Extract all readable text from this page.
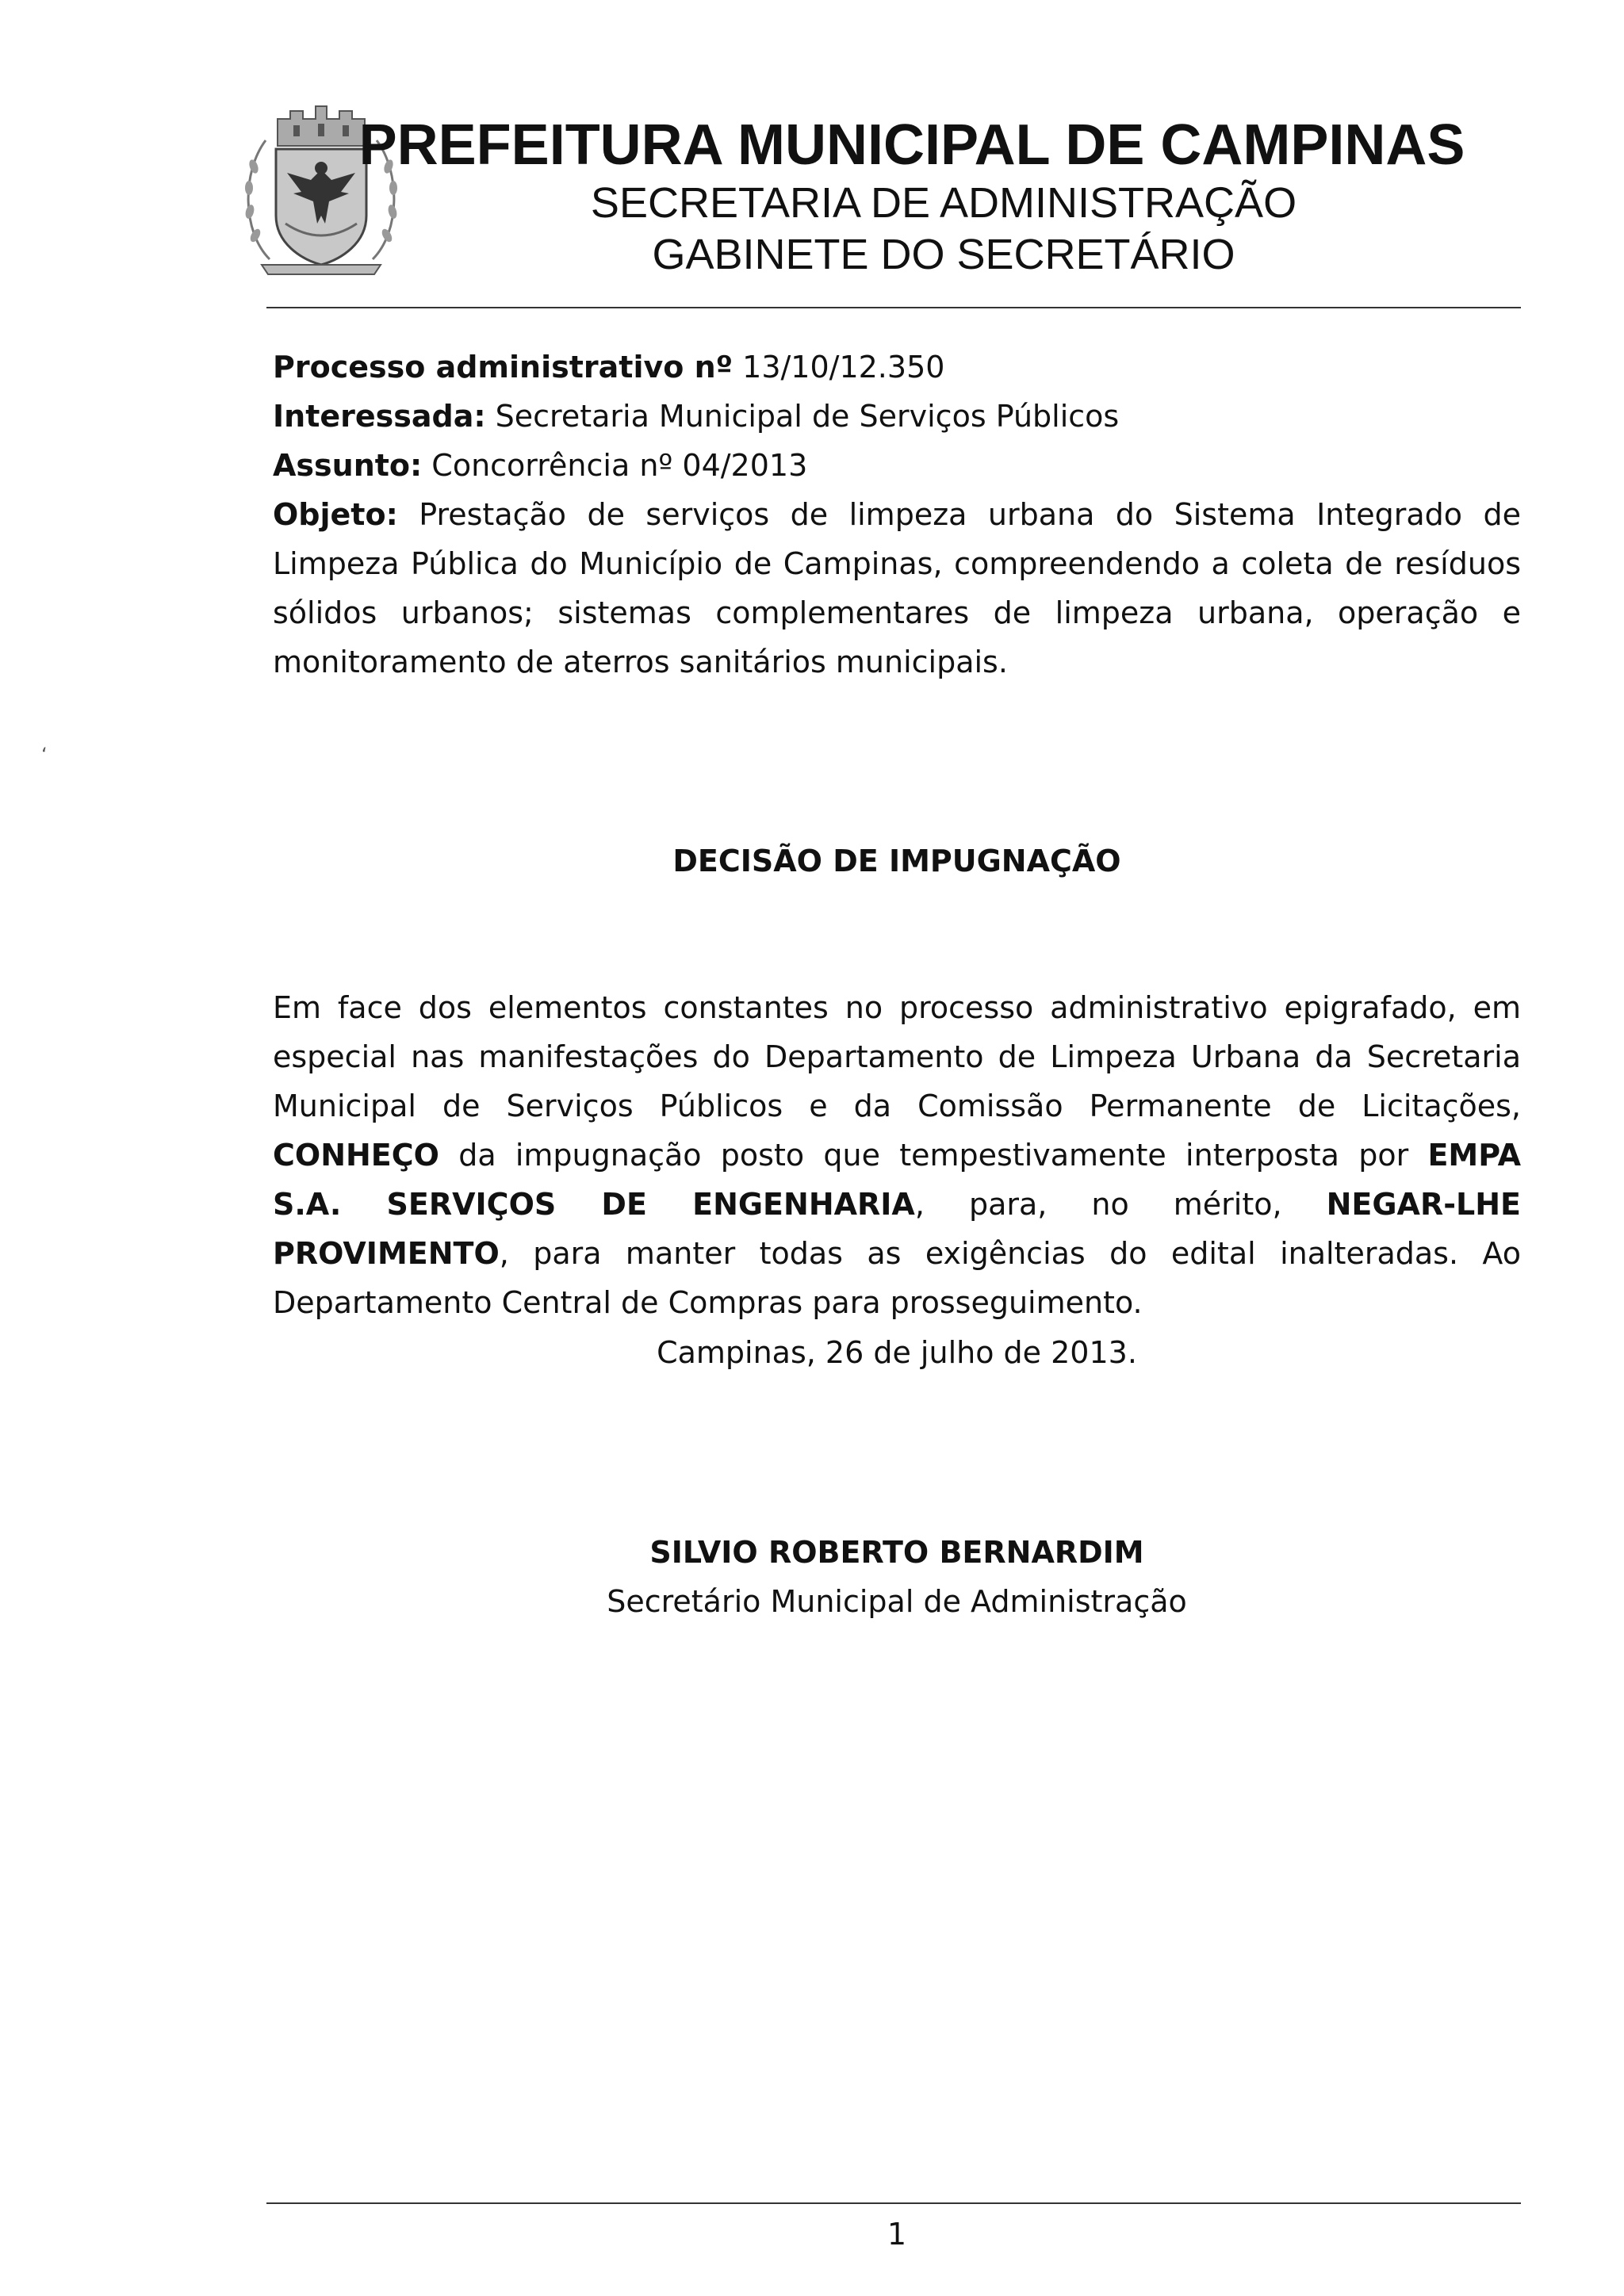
PREFEITURA MUNICIPAL DE CAMPINAS
SECRETARIA DE ADMINISTRAÇÃO
GABINETE DO SECRETÁRIO
Processo administrativo nº 13/10/12.350
Interessada: Secretaria Municipal de Serviços Públicos
Assunto: Concorrência nº 04/2013
Objeto: Prestação de serviços de limpeza urbana do Sistema Integrado de Limpeza Pública do Município de Campinas, compreendendo a coleta de resíduos sólidos urbanos; sistemas complementares de limpeza urbana, operação e monitoramento de aterros sanitários municipais.
‘
DECISÃO DE IMPUGNAÇÃO
Em face dos elementos constantes no processo administrativo epigrafado, em especial nas manifestações do Departamento de Limpeza Urbana da Secretaria Municipal de Serviços Públicos e da Comissão Permanente de Licitações, CONHEÇO da impugnação posto que tempestivamente interposta por EMPA S.A. SERVIÇOS DE ENGENHARIA, para, no mérito, NEGAR-LHE PROVIMENTO, para manter todas as exigências do edital inalteradas. Ao Departamento Central de Compras para prosseguimento.
Campinas, 26 de julho de 2013.
SILVIO ROBERTO BERNARDIM
Secretário Municipal de Administração
1
